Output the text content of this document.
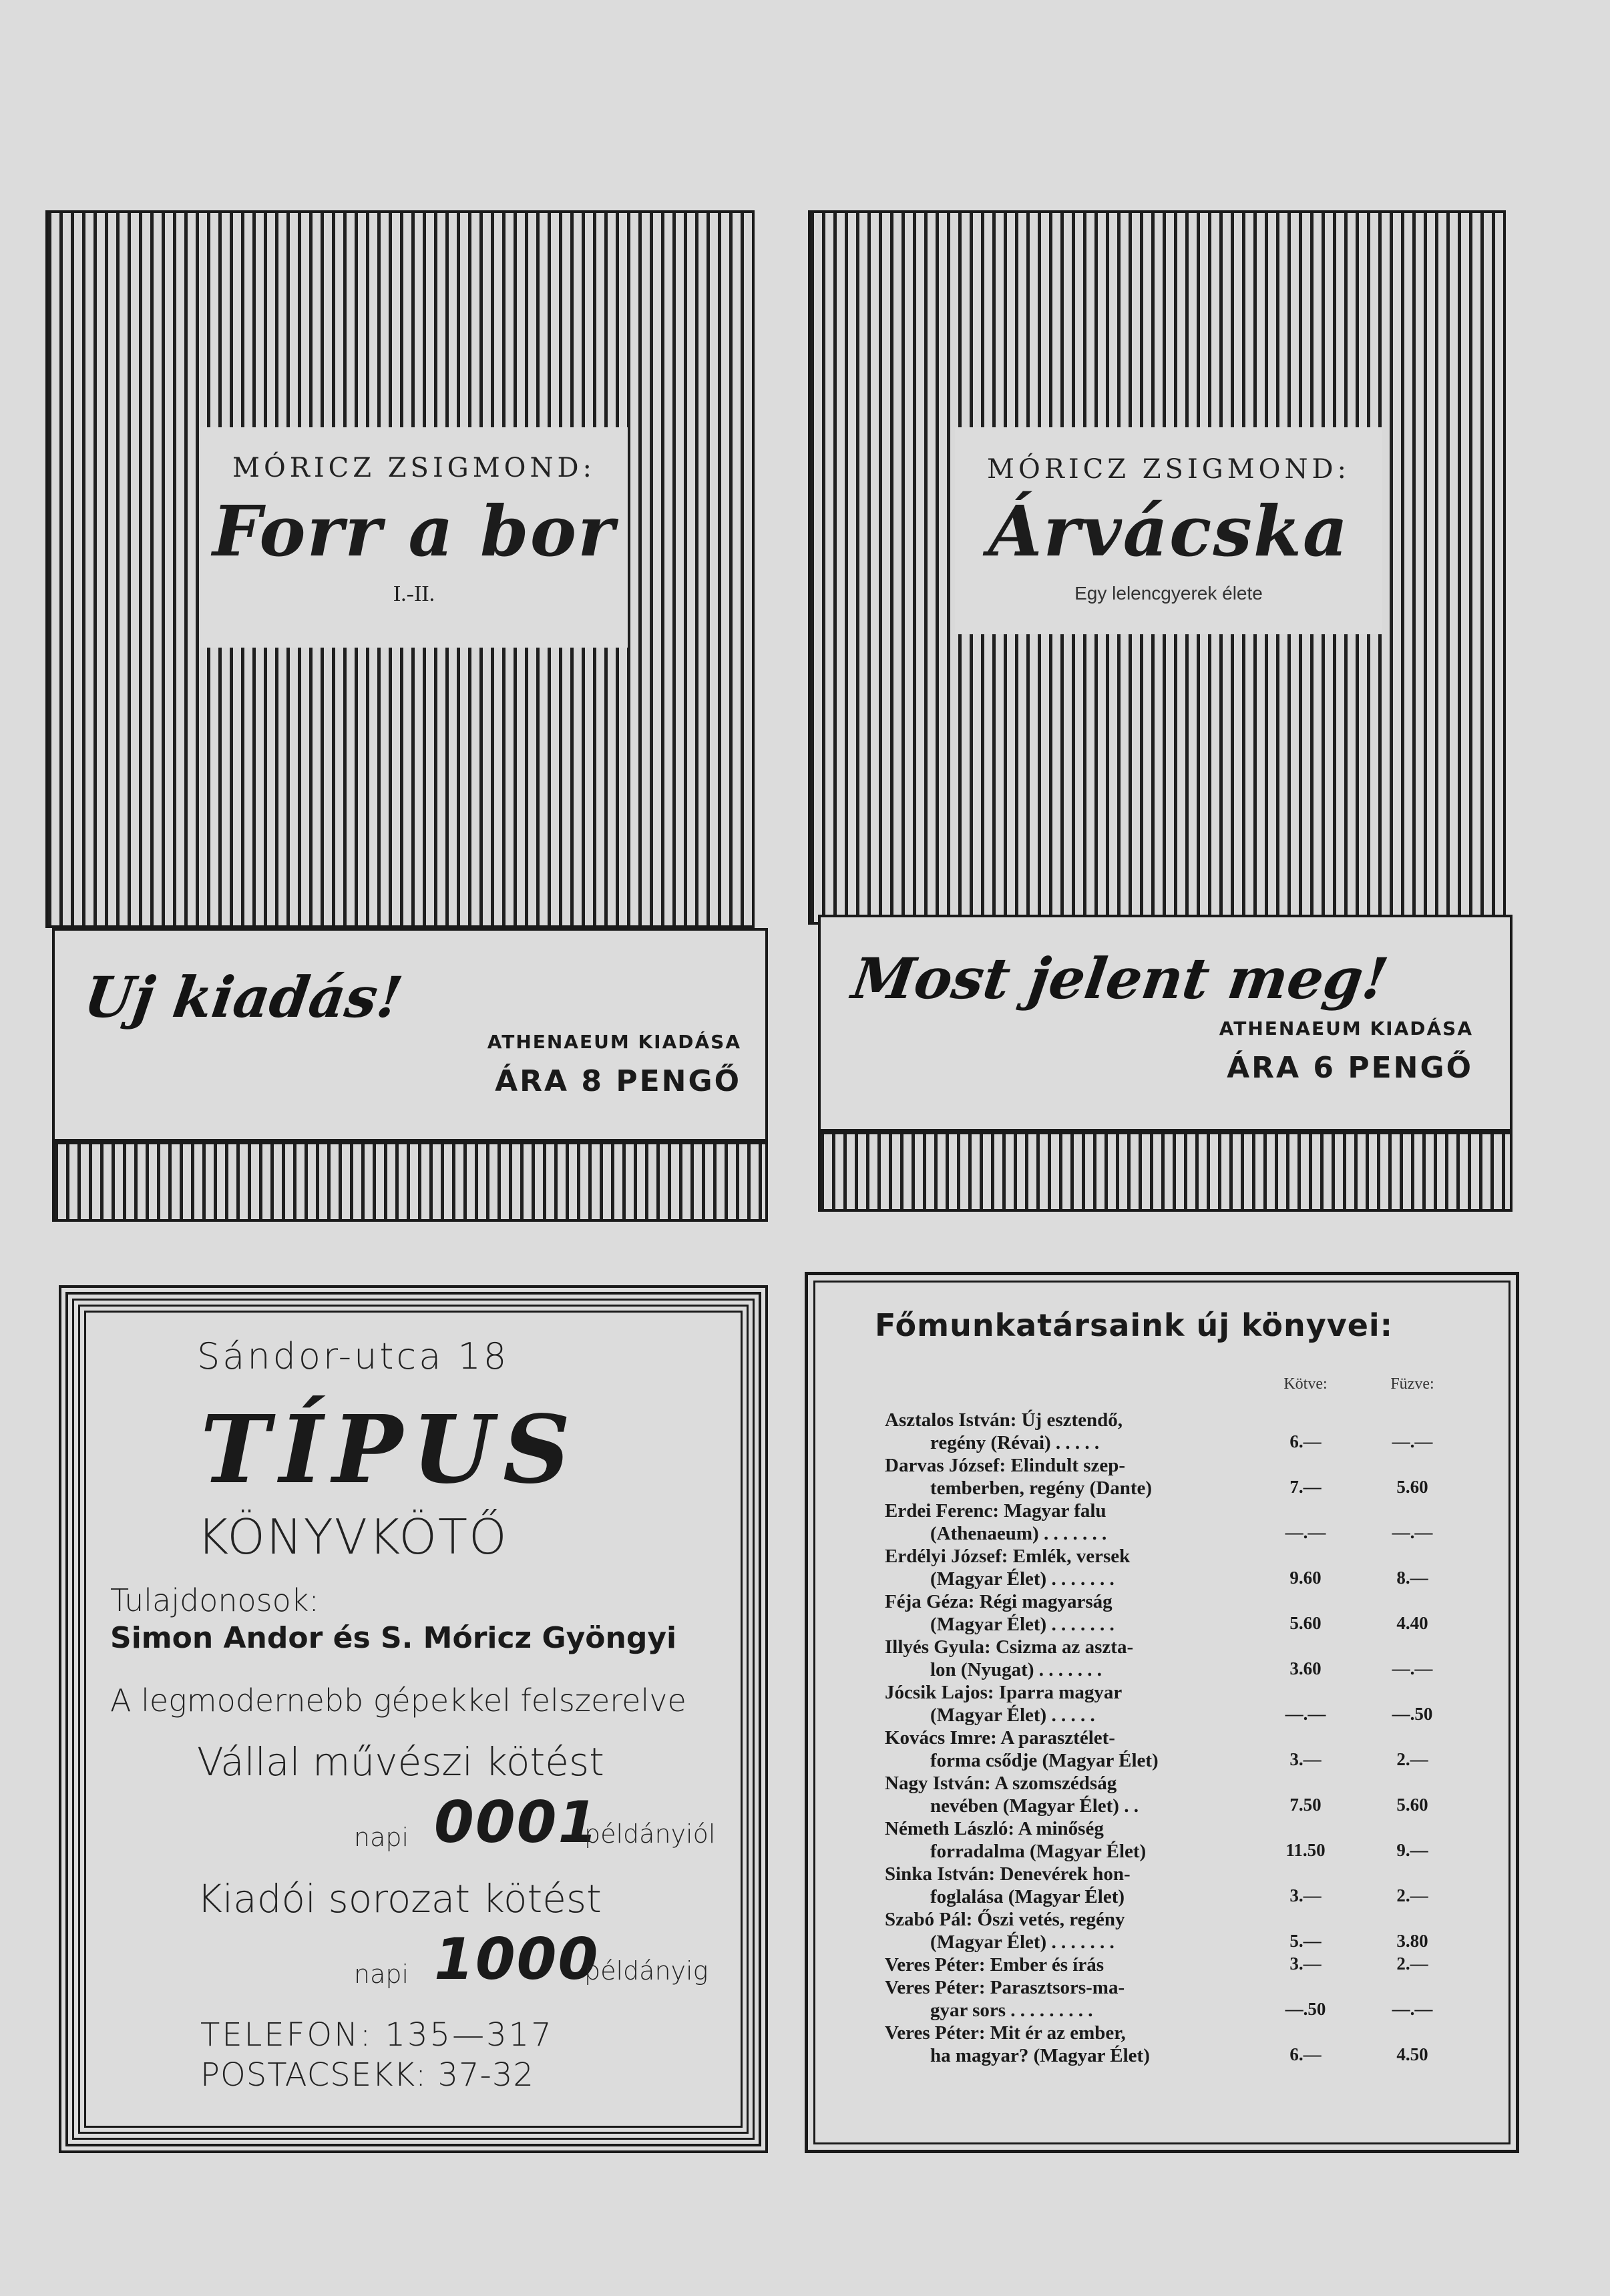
MÓRICZ ZSIGMOND:
Forr a bor
I.-II.
Uj kiadás!
ATHENAEUM KIADÁSA
ÁRA 8 PENGŐ
MÓRICZ ZSIGMOND:
Árvácska
Egy lelencgyerek élete
Most jelent meg!
ATHENAEUM KIADÁSA
ÁRA 6 PENGŐ
Sándor-utca 18
TÍPUS
KÖNYVKÖTŐ
Tulajdonosok:
Simon Andor és S. Móricz Gyöngyi
A legmodernebb gépekkel felszerelve
Vállal művészi kötést
napi 0001
példányiól
Kiadói sorozat kötést
napi 1000
példányig
TELEFON: 135—317
POSTACSEKK: 37-32
Főmunkatársaink új könyvei:
Kötve:	Füzve:
Asztalos István: Új esztendő,
regény (Révai) . . . . .	6.—	—.—
Darvas József: Elindult szep-
temberben, regény (Dante)	7.—	5.60
Erdei Ferenc: Magyar falu
(Athenaeum) . . . . . . .	—.—	—.—
Erdélyi József: Emlék, versek
(Magyar Élet) . . . . . . .	9.60	8.—
Féja Géza: Régi magyarság
(Magyar Élet) . . . . . . .	5.60	4.40
Illyés Gyula: Csizma az aszta-
lon (Nyugat) . . . . . . .	3.60	—.—
Jócsik Lajos: Iparra magyar
(Magyar Élet) . . . . .	—.—	—.50
Kovács Imre: A parasztélet-
forma csődje (Magyar Élet)	3.—	2.—
Nagy István: A szomszédság
nevében (Magyar Élet) . .	7.50	5.60
Németh László: A minőség
forradalma (Magyar Élet)	11.50	9.—
Sinka István: Denevérek hon-
foglalása (Magyar Élet)	3.—	2.—
Szabó Pál: Őszi vetés, regény
(Magyar Élet) . . . . . . .	5.—	3.80
Veres Péter: Ember és írás	3.—	2.—
Veres Péter: Parasztsors-ma-
gyar sors . . . . . . . . .	—.50	—.—
Veres Péter: Mit ér az ember,
ha magyar? (Magyar Élet)	6.—	4.50
